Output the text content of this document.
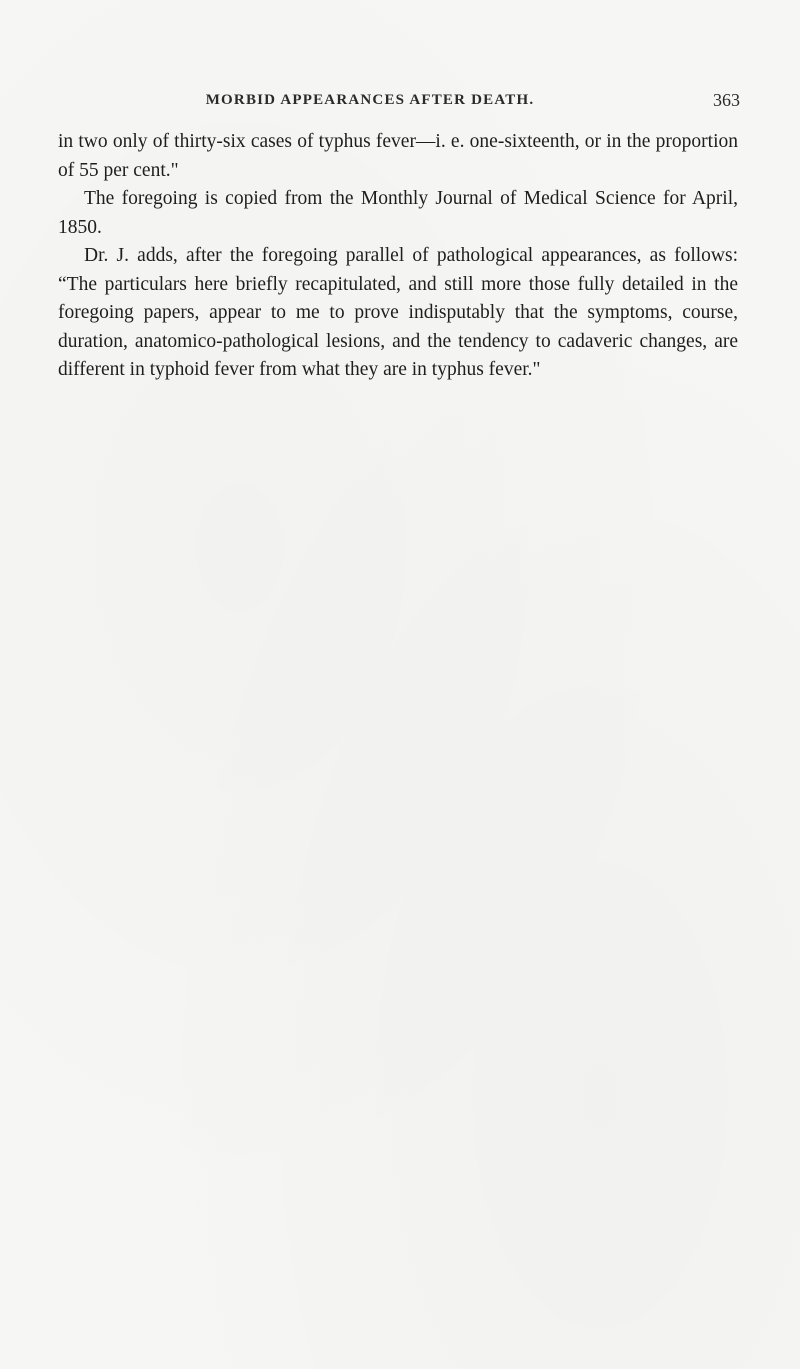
MORBID APPEARANCES AFTER DEATH.	363

in two only of thirty-six cases of typhus fever—i. e. one-sixteenth, or in the proportion of 55 per cent."

The foregoing is copied from the Monthly Journal of Medical Science for April, 1850.

Dr. J. adds, after the foregoing parallel of pathological appearances, as follows: “The particulars here briefly recapitulated, and still more those fully detailed in the foregoing papers, appear to me to prove indisputably that the symptoms, course, duration, anatomico-pathological lesions, and the tendency to cadaveric changes, are different in typhoid fever from what they are in typhus fever."
